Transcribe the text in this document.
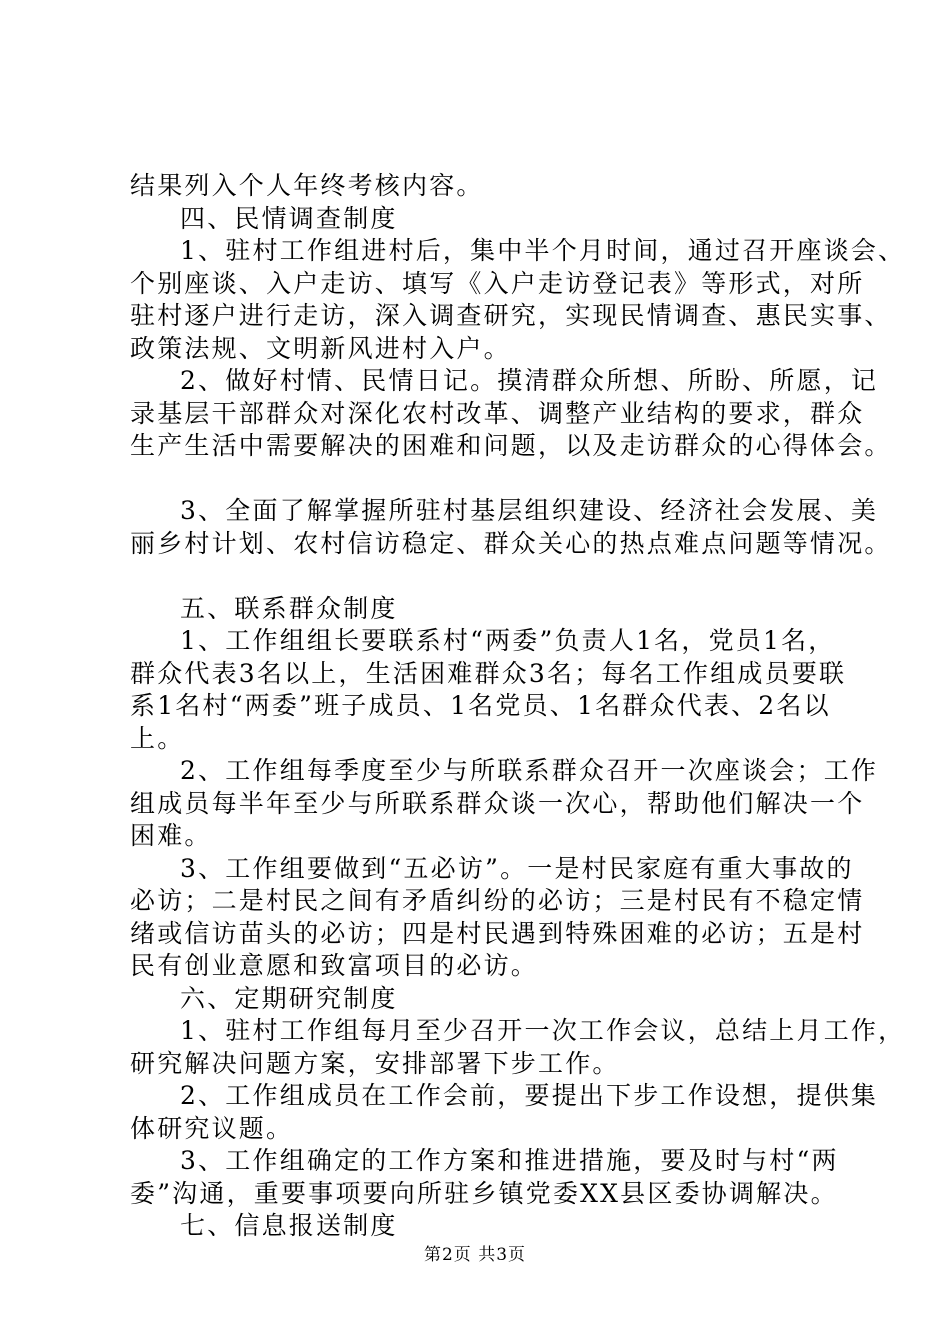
结果列入个人年终考核内容。
四、民情调查制度
1、驻村工作组进村后，集中半个月时间，通过召开座谈会、
个别座谈、入户走访、填写《入户走访登记表》等形式，对所
驻村逐户进行走访，深入调查研究，实现民情调查、惠民实事、
政策法规、文明新风进村入户。
2、做好村情、民情日记。摸清群众所想、所盼、所愿，记
录基层干部群众对深化农村改革、调整产业结构的要求，群众
生产生活中需要解决的困难和问题，以及走访群众的心得体会。
3、全面了解掌握所驻村基层组织建设、经济社会发展、美
丽乡村计划、农村信访稳定、群众关心的热点难点问题等情况。
五、联系群众制度
1、工作组组长要联系村“两委”负责人1名，党员1名，
群众代表3名以上，生活困难群众3名；每名工作组成员要联
系1名村“两委”班子成员、1名党员、1名群众代表、2名以
上。
2、工作组每季度至少与所联系群众召开一次座谈会；工作
组成员每半年至少与所联系群众谈一次心，帮助他们解决一个
困难。
3、工作组要做到“五必访”。一是村民家庭有重大事故的
必访；二是村民之间有矛盾纠纷的必访；三是村民有不稳定情
绪或信访苗头的必访；四是村民遇到特殊困难的必访；五是村
民有创业意愿和致富项目的必访。
六、定期研究制度
1、驻村工作组每月至少召开一次工作会议，总结上月工作，
研究解决问题方案，安排部署下步工作。
2、工作组成员在工作会前，要提出下步工作设想，提供集
体研究议题。
3、工作组确定的工作方案和推进措施，要及时与村“两
委”沟通，重要事项要向所驻乡镇党委XX县区委协调解决。
七、信息报送制度
第2页 共3页
